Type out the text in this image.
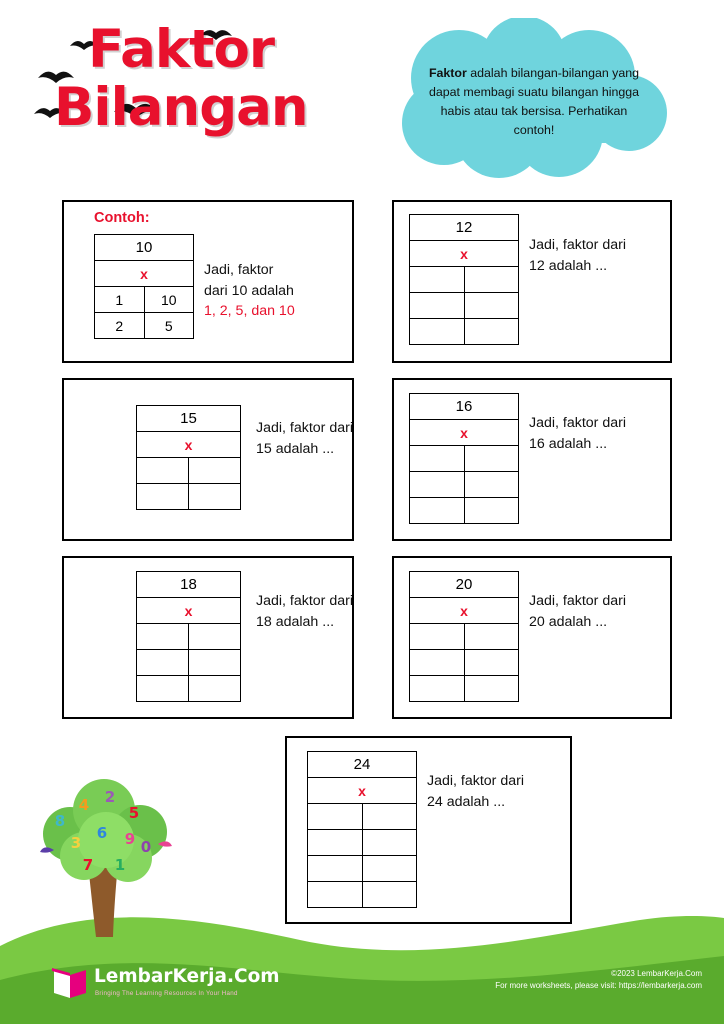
Faktor
Bilangan
Faktor adalah bilangan-bilangan yang dapat membagi suatu bilangan hingga habis atau tak bersisa. Perhatikan contoh!
Contoh:
10	
x	
1	10
2	5
Jadi, faktor
dari 10 adalah
1, 2, 5, dan 10
12	
x	

Jadi, faktor dari
12 adalah ...
15	
x	

Jadi, faktor dari
15 adalah ...
16	
x	

Jadi, faktor dari
16 adalah ...
18	
x	

Jadi, faktor dari
18 adalah ...
20	
x	

Jadi, faktor dari
20 adalah ...
24	
x	

Jadi, faktor dari
24 adalah ...
8
4 2
5
3
6 9
7 1
0
LembarKerja.Com
Bringing The Learning Resources In Your Hand
©2023 LembarKerja.Com
For more worksheets, please visit: https://lembarkerja.com
